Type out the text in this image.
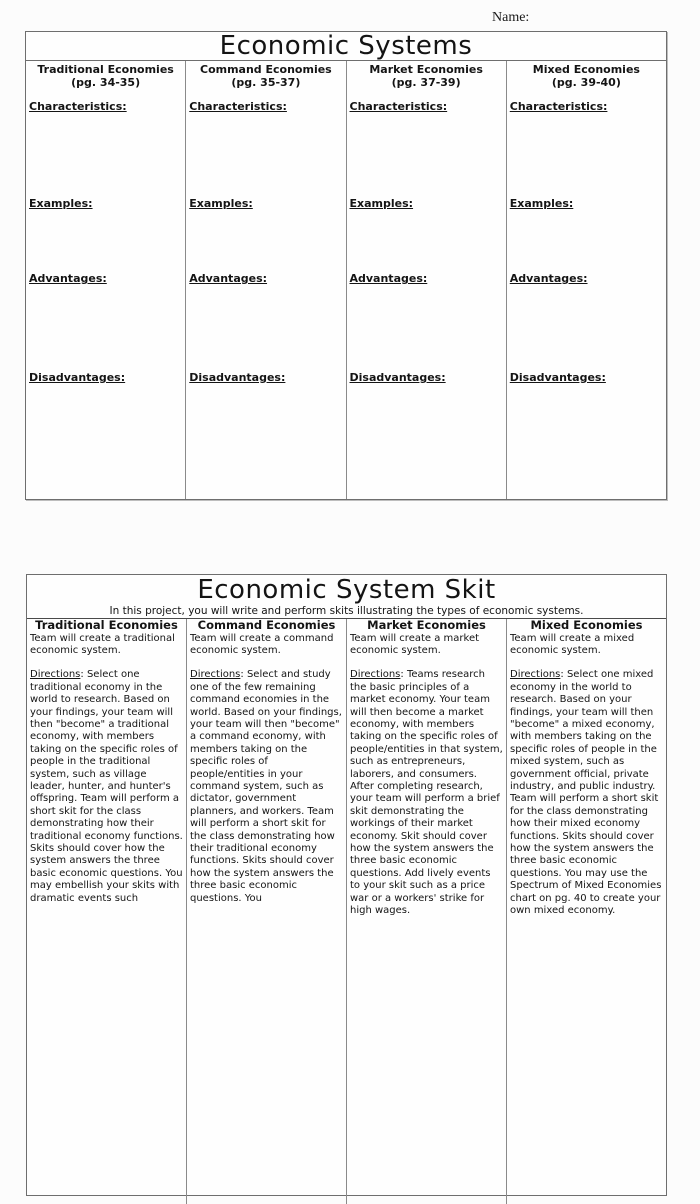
Name:
Economic Systems
Traditional Economies
(pg. 34-35)
Characteristics:
Examples:
Advantages:
Disadvantages:
Command Economies
(pg. 35-37)
Characteristics:
Examples:
Advantages:
Disadvantages:
Market Economies
(pg. 37-39)
Characteristics:
Examples:
Advantages:
Disadvantages:
Mixed Economies
(pg. 39-40)
Characteristics:
Examples:
Advantages:
Disadvantages:
Economic System Skit
In this project, you will write and perform skits illustrating the types of economic systems.
Traditional Economies

Team will create a traditional economic system.

Directions: Select one traditional economy in the world to research. Based on your findings, your team will then "become" a traditional economy, with members taking on the specific roles of people in the traditional system, such as village leader, hunter, and hunter's offspring. Team will perform a short skit for the class demonstrating how their traditional economy functions. Skits should cover how the system answers the three basic economic questions. You may embellish your skits with dramatic events such

Command Economies

Team will create a command economic system.

Directions: Select and study one of the few remaining command economies in the world. Based on your findings, your team will then "become" a command economy, with members taking on the specific roles of people/entities in your command system, such as dictator, government planners, and workers. Team will perform a short skit for the class demonstrating how their traditional economy functions. Skits should cover how the system answers the three basic economic questions. You

Market Economies

Team will create a market economic system.

Directions: Teams research the basic principles of a market economy. Your team will then become a market economy, with members taking on the specific roles of people/entities in that system, such as entrepreneurs, laborers, and consumers. After completing research, your team will perform a brief skit demonstrating the workings of their market economy. Skit should cover how the system answers the three basic economic questions. Add lively events to your skit such as a price war or a workers' strike for high wages.

Mixed Economies

Team will create a mixed economic system.

Directions: Select one mixed economy in the world to research. Based on your findings, your team will then "become" a mixed economy, with members taking on the specific roles of people in the mixed system, such as government official, private industry, and public industry. Team will perform a short skit for the class demonstrating how their mixed economy functions. Skits should cover how the system answers the three basic economic questions. You may use the Spectrum of Mixed Economies chart on pg. 40 to create your own mixed economy.
